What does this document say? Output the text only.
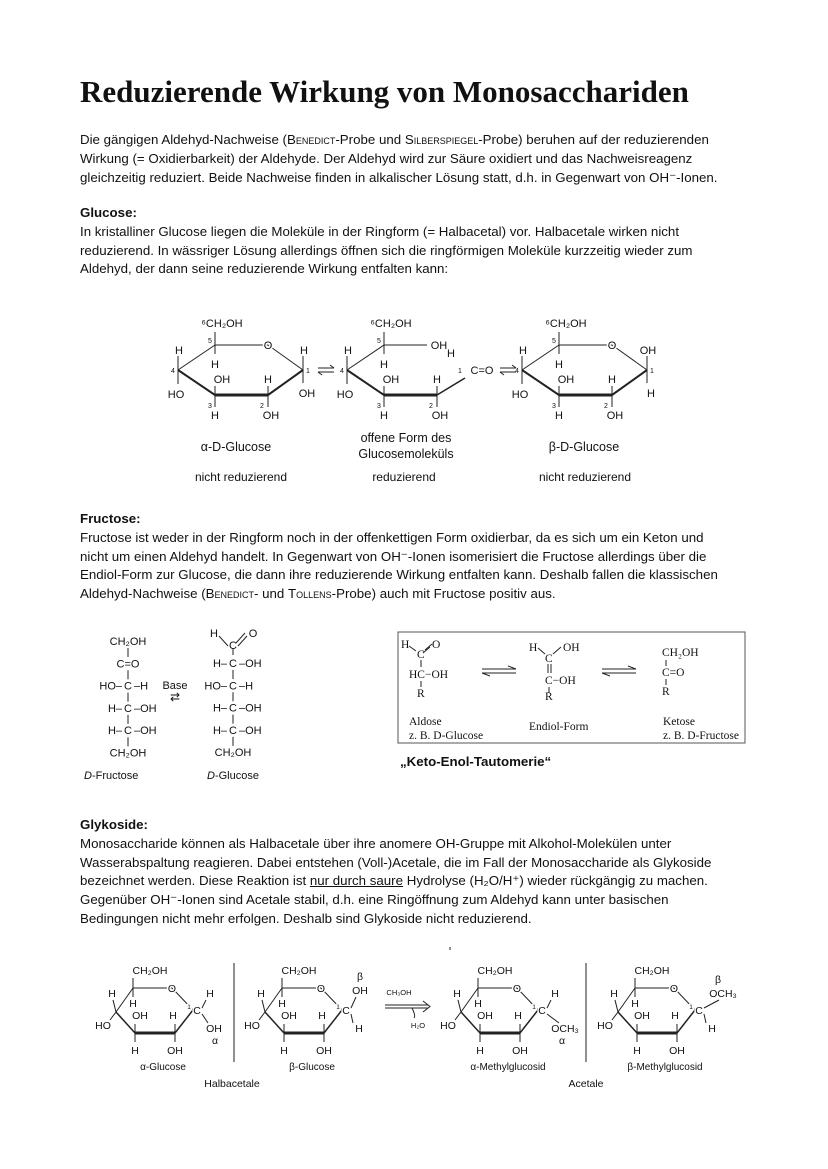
Reduzierende Wirkung von Monosacchariden
Die gängigen Aldehyd-Nachweise (Benedict-Probe und Silberspiegel-Probe) beruhen auf der reduzierenden
Wirkung (= Oxidierbarkeit) der Aldehyde. Der Aldehyd wird zur Säure oxidiert und das Nachweisreagenz
gleichzeitig reduziert. Beide Nachweise finden in alkalischer Lösung statt, d.h. in Gegenwart von OH⁻-Ionen.
Glucose:
In kristalliner Glucose liegen die Moleküle in der Ringform (= Halbacetal) vor. Halbacetale wirken nicht
reduzierend. In wässriger Lösung allerdings öffnen sich die ringförmigen Moleküle kurzzeitig wieder zum
Aldehyd, der dann seine reduzierende Wirkung entfalten kann:
α-D-Glucose
offene Form des
Glucosemoleküls	β-D-Glucose
nicht reduzierend	reduzierend	nicht reduzierend
⁶CH₂OH
H
H
HO
OH
H
H
OH
O	H
OH
1
2
3
4
5
⁶CH₂OH
H
H
HO
OH
H
H
OH
OH
H
C=O
1
2
3
4
5
⁶CH₂OH
H
H
HO
OH
H
H
OH
O OH
H
1
2
3
4
5
Fructose:
Fructose ist weder in der Ringform noch in der offenkettigen Form oxidierbar, da es sich um ein Keton und
nicht um einen Aldehyd handelt. In Gegenwart von OH⁻-Ionen isomerisiert die Fructose allerdings über die
Endiol-Form zur Glucose, die dann ihre reduzierende Wirkung entfalten kann. Deshalb fallen die klassischen
Aldehyd-Nachweise (Benedict- und Tollens-Probe) auch mit Fructose positiv aus.
Base
⇄
D-Fructose	D-Glucose
H
C
O
HC−OH
R
H OH
C
C−OH
R
CH₂OH
C=O
R
Aldose
z. B. D-Glucose
Endiol-Form	Ketose
z. B. D-Fructose
CH₂OH
C=O
HO– C –H
H– C –OH
H– C –OH
CH₂OH
C
H	O
H– C –OH
HO– C –H
H– C –OH
H– C –OH
CH₂OH
„Keto-Enol-Tautomerie“
Glykoside:
Monosaccharide können als Halbacetale über ihre anomere OH-Gruppe mit Alkohol-Molekülen unter
Wasserabspaltung reagieren. Dabei entstehen (Voll-)Acetale, die im Fall der Monosaccharide als Glykoside
bezeichnet werden. Diese Reaktion ist nur durch saure Hydrolyse (H₂O/H⁺) wieder rückgängig zu machen.
Gegenüber OH⁻-Ionen sind Acetale stabil, d.h. eine Ringöffnung zum Aldehyd kann unter basischen
Bedingungen nicht mehr erfolgen. Deshalb sind Glykoside nicht reduzierend.
CH₃OH
H₂O
Halbacetale	Acetale
CH₂OH
H
O
H
HO
OH
H
H
OH
C
1
H
OH
α
α-Glucose
CH₂OH
H
O
H
HO
OH
H
H
OH
C
1
OH
H
β
β-Glucose
CH₂OH
H
O
H
HO
OH
H
H
OH
C
1
H
OCH₃
α
α-Methylglucosid
CH₂OH
H
O
H
HO
OH
H
H
OH
C
1
OCH₃
H
β
β-Methylglucosid
